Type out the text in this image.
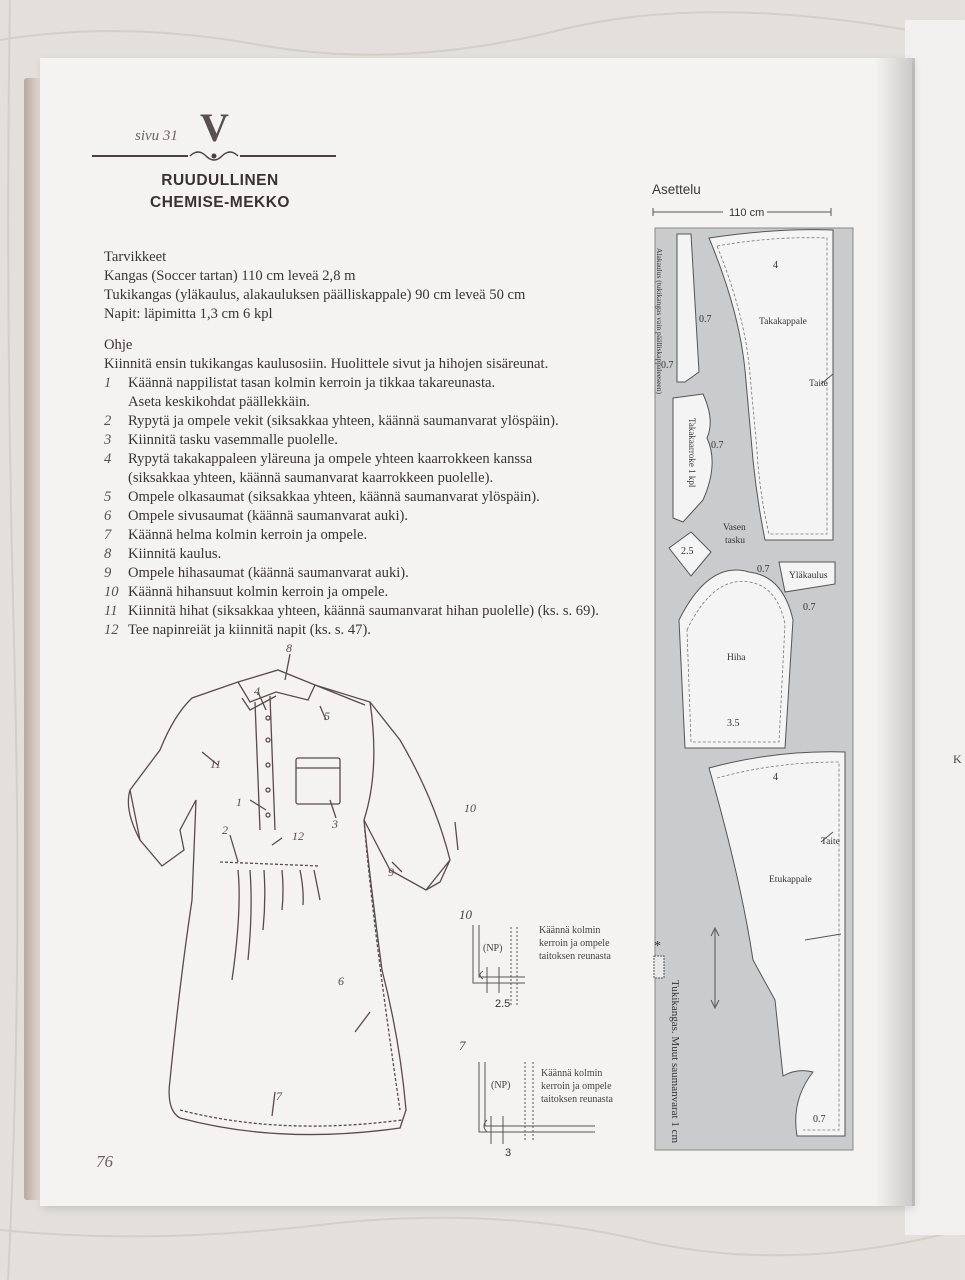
K
sivu 31 V
RUUDULLINEN
CHEMISE-MEKKO
Tarvikkeet
Kangas (Soccer tartan) 110 cm leveä 2,8 m
Tukikangas (yläkaulus, alakauluksen päälliskappale) 90 cm leveä 50 cm
Napit: läpimitta 1,3 cm 6 kpl
Ohje
Kiinnitä ensin tukikangas kaulusosiin. Huolittele sivut ja hihojen sisäreunat.
1 Käännä nappilistat tasan kolmin kerroin ja tikkaa takareunasta.
Aseta keskikohdat päällekkäin.
2 Rypytä ja ompele vekit (siksakkaa yhteen, käännä saumanvarat ylöspäin).
3 Kiinnitä tasku vasemmalle puolelle.
4 Rypytä takakappaleen yläreuna ja ompele yhteen kaarrokkeen kanssa
(siksakkaa yhteen, käännä saumanvarat kaarrokkeen puolelle).
5 Ompele olkasaumat (siksakkaa yhteen, käännä saumanvarat ylöspäin).
6 Ompele sivusaumat (käännä saumanvarat auki).
7 Käännä helma kolmin kerroin ja ompele.
8 Kiinnitä kaulus.
9 Ompele hihasaumat (käännä saumanvarat auki).
10 Käännä hihansuut kolmin kerroin ja ompele.
11 Kiinnitä hihat (siksakkaa yhteen, käännä saumanvarat hihan puolelle) (ks. s. 69).
12 Tee napinreiät ja kiinnitä napit (ks. s. 47).
8
4
5
1
2	3
12
11
6
7
9
10
10
(NP)
Käännä kolmin
kerroin ja ompele
taitoksen reunasta
2.5
7
(NP)
Käännä kolmin
kerroin ja ompele
taitoksen reunasta
3
Asettelu
110 cm
Alakaulus (tukikangas vain päälliskappaleeseen)	Takakappale
Taite
Takakaarroke 1 kpl
Vasen
tasku
Yläkaulus
Hiha
Taite
Etukappale
4
0.7
0.7
0.7
2.5
0.7
0.7
3.5
4
0.7
*
Tukikangas. Muut saumanvarat 1 cm
76
